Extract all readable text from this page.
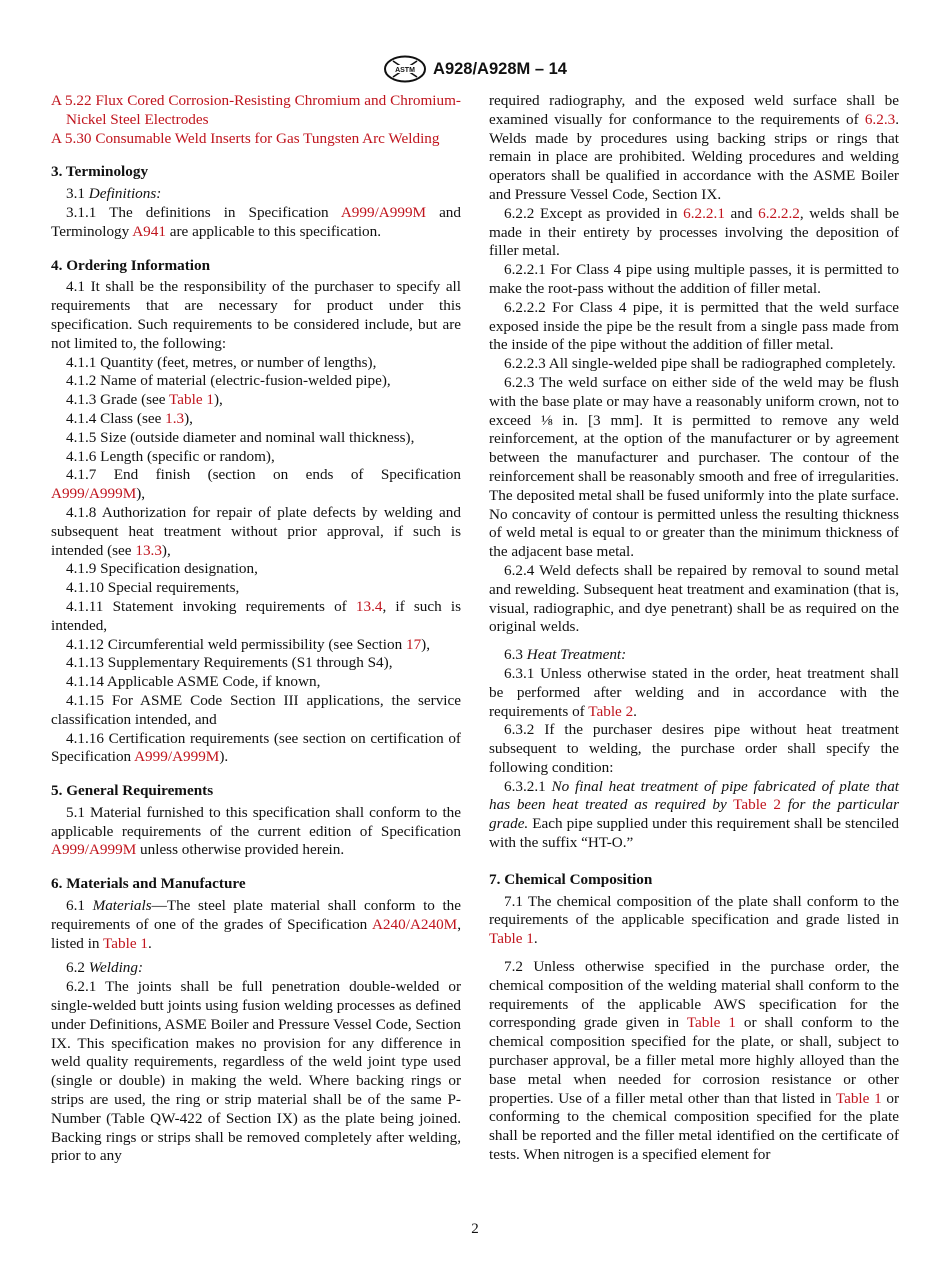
ASTM A928/A928M – 14

A 5.22 Flux Cored Corrosion-Resisting Chromium and Chromium-Nickel Steel Electrodes

A 5.30 Consumable Weld Inserts for Gas Tungsten Arc Welding

3. Terminology

3.1 Definitions:

3.1.1 The definitions in Specification A999/A999M and Terminology A941 are applicable to this specification.

4. Ordering Information

4.1 It shall be the responsibility of the purchaser to specify all requirements that are necessary for product under this specification. Such requirements to be considered include, but are not limited to, the following:

4.1.1 Quantity (feet, metres, or number of lengths),

4.1.2 Name of material (electric-fusion-welded pipe),

4.1.3 Grade (see Table 1),

4.1.4 Class (see 1.3),

4.1.5 Size (outside diameter and nominal wall thickness),

4.1.6 Length (specific or random),

4.1.7 End finish (section on ends of Specification A999/A999M),

4.1.8 Authorization for repair of plate defects by welding and subsequent heat treatment without prior approval, if such is intended (see 13.3),

4.1.9 Specification designation,

4.1.10 Special requirements,

4.1.11 Statement invoking requirements of 13.4, if such is intended,

4.1.12 Circumferential weld permissibility (see Section 17),

4.1.13 Supplementary Requirements (S1 through S4),

4.1.14 Applicable ASME Code, if known,

4.1.15 For ASME Code Section III applications, the service classification intended, and

4.1.16 Certification requirements (see section on certification of Specification A999/A999M).

5. General Requirements

5.1 Material furnished to this specification shall conform to the applicable requirements of the current edition of Specification A999/A999M unless otherwise provided herein.

6. Materials and Manufacture

6.1 Materials—The steel plate material shall conform to the requirements of one of the grades of Specification A240/A240M, listed in Table 1.

6.2 Welding:

6.2.1 The joints shall be full penetration double-welded or single-welded butt joints using fusion welding processes as defined under Definitions, ASME Boiler and Pressure Vessel Code, Section IX. This specification makes no provision for any difference in weld quality requirements, regardless of the weld joint type used (single or double) in making the weld. Where backing rings or strips are used, the ring or strip material shall be of the same P-Number (Table QW-422 of Section IX) as the plate being joined. Backing rings or strips shall be removed completely after welding, prior to any

required radiography, and the exposed weld surface shall be examined visually for conformance to the requirements of 6.2.3. Welds made by procedures using backing strips or rings that remain in place are prohibited. Welding procedures and welding operators shall be qualified in accordance with the ASME Boiler and Pressure Vessel Code, Section IX.

6.2.2 Except as provided in 6.2.2.1 and 6.2.2.2, welds shall be made in their entirety by processes involving the deposition of filler metal.

6.2.2.1 For Class 4 pipe using multiple passes, it is permitted to make the root-pass without the addition of filler metal.

6.2.2.2 For Class 4 pipe, it is permitted that the weld surface exposed inside the pipe be the result from a single pass made from the inside of the pipe without the addition of filler metal.

6.2.2.3 All single-welded pipe shall be radiographed completely.

6.2.3 The weld surface on either side of the weld may be flush with the base plate or may have a reasonably uniform crown, not to exceed ⅛ in. [3 mm]. It is permitted to remove any weld reinforcement, at the option of the manufacturer or by agreement between the manufacturer and purchaser. The contour of the reinforcement shall be reasonably smooth and free of irregularities. The deposited metal shall be fused uniformly into the plate surface. No concavity of contour is permitted unless the resulting thickness of weld metal is equal to or greater than the minimum thickness of the adjacent base metal.

6.2.4 Weld defects shall be repaired by removal to sound metal and rewelding. Subsequent heat treatment and examination (that is, visual, radiographic, and dye penetrant) shall be as required on the original welds.

6.3 Heat Treatment:

6.3.1 Unless otherwise stated in the order, heat treatment shall be performed after welding and in accordance with the requirements of Table 2.

6.3.2 If the purchaser desires pipe without heat treatment subsequent to welding, the purchase order shall specify the following condition:

6.3.2.1 No final heat treatment of pipe fabricated of plate that has been heat treated as required by Table 2 for the particular grade. Each pipe supplied under this requirement shall be stenciled with the suffix “HT-O.”

7. Chemical Composition

7.1 The chemical composition of the plate shall conform to the requirements of the applicable specification and grade listed in Table 1.

7.2 Unless otherwise specified in the purchase order, the chemical composition of the welding material shall conform to the requirements of the applicable AWS specification for the corresponding grade given in Table 1 or shall conform to the chemical composition specified for the plate, or shall, subject to purchaser approval, be a filler metal more highly alloyed than the base metal when needed for corrosion resistance or other properties. Use of a filler metal other than that listed in Table 1 or conforming to the chemical composition specified for the plate shall be reported and the filler metal identified on the certificate of tests. When nitrogen is a specified element for

2
